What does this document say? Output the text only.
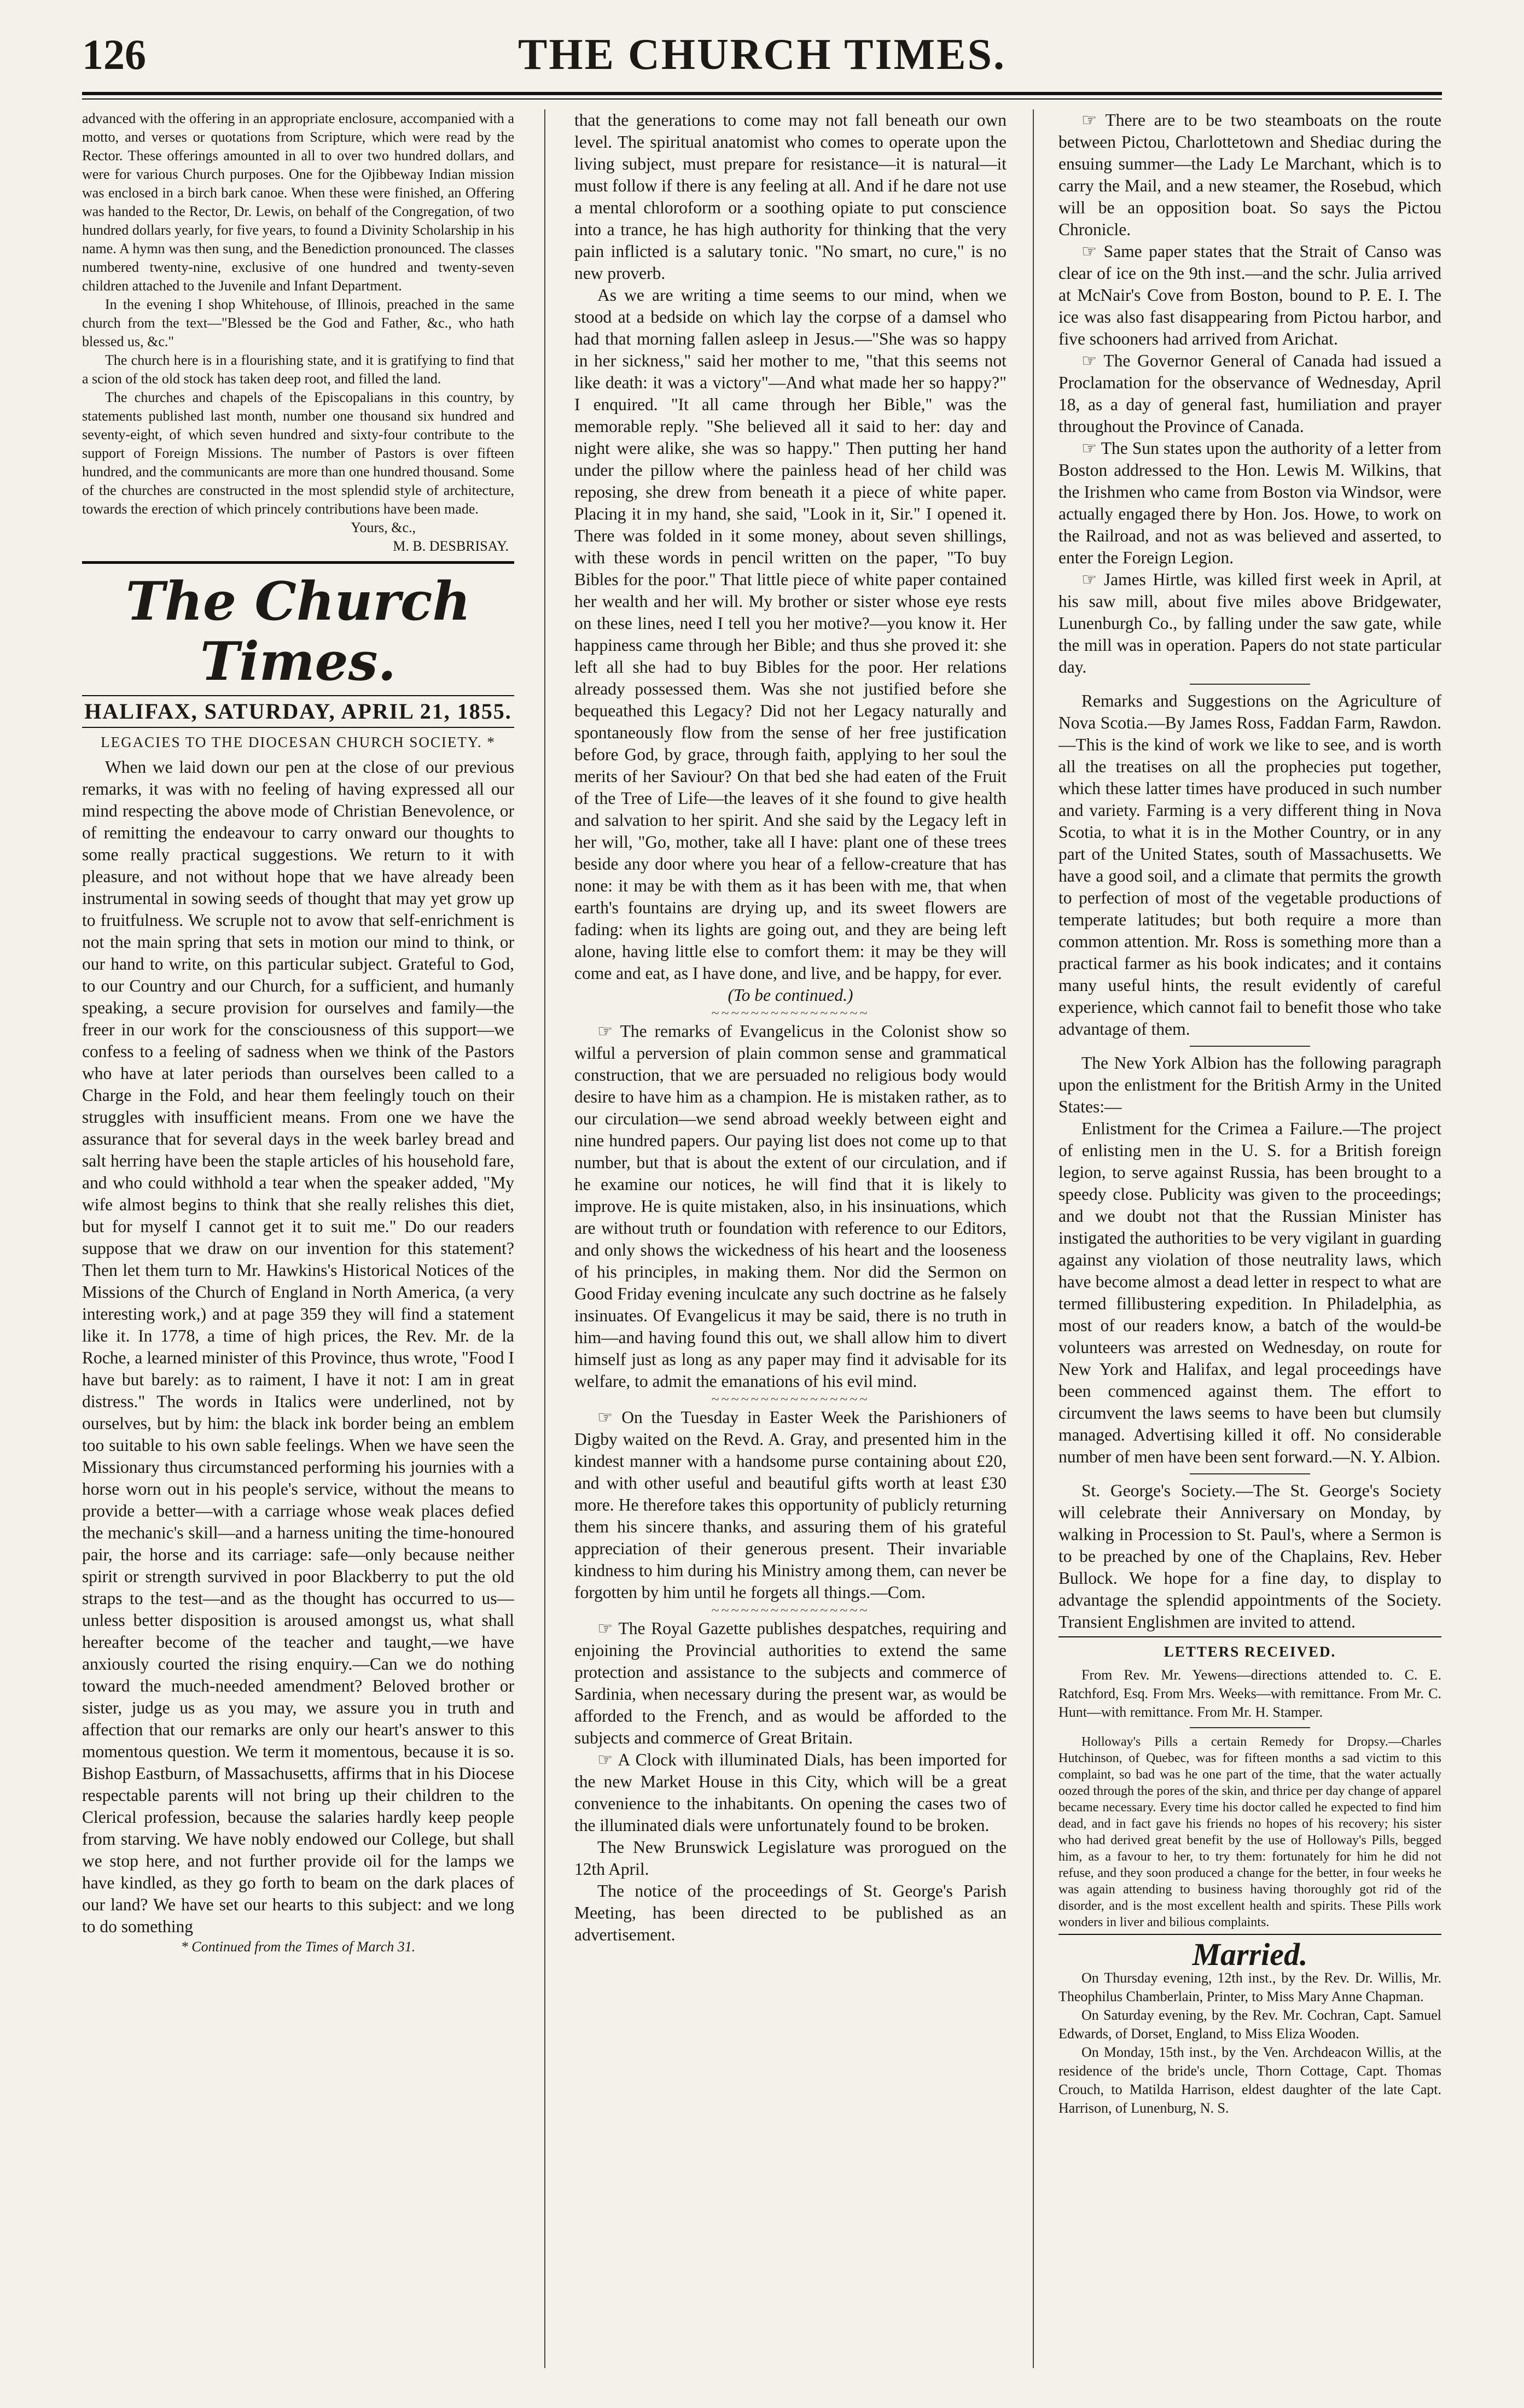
126	THE CHURCH TIMES.

advanced with the offering in an appropriate enclosure, accompanied with a motto, and verses or quotations from Scripture, which were read by the Rector. These offerings amounted in all to over two hundred dollars, and were for various Church purposes. One for the Ojibbeway Indian mission was enclosed in a birch bark canoe. When these were finished, an Offering was handed to the Rector, Dr. Lewis, on behalf of the Congregation, of two hundred dollars yearly, for five years, to found a Divinity Scholarship in his name. A hymn was then sung, and the Benediction pronounced. The classes numbered twenty-nine, exclusive of one hundred and twenty-seven children attached to the Juvenile and Infant Department.

In the evening I shop Whitehouse, of Illinois, preached in the same church from the text—"Blessed be the God and Father, &c., who hath blessed us, &c."

The church here is in a flourishing state, and it is gratifying to find that a scion of the old stock has taken deep root, and filled the land.

The churches and chapels of the Episcopalians in this country, by statements published last month, number one thousand six hundred and seventy-eight, of which seven hundred and sixty-four contribute to the support of Foreign Missions. The number of Pastors is over fifteen hundred, and the communicants are more than one hundred thousand. Some of the churches are constructed in the most splendid style of architecture, towards the erection of which princely contributions have been made.

Yours, &c.,
M. B. DESBRISAY.
The Church Times.
HALIFAX, SATURDAY, APRIL 21, 1855.
LEGACIES TO THE DIOCESAN CHURCH SOCIETY. *

When we laid down our pen at the close of our previous remarks, it was with no feeling of having expressed all our mind respecting the above mode of Christian Benevolence, or of remitting the endeavour to carry onward our thoughts to some really practical suggestions. We return to it with pleasure, and not without hope that we have already been instrumental in sowing seeds of thought that may yet grow up to fruitfulness. We scruple not to avow that self-enrichment is not the main spring that sets in motion our mind to think, or our hand to write, on this particular subject. Grateful to God, to our Country and our Church, for a sufficient, and humanly speaking, a secure provision for ourselves and family—the freer in our work for the consciousness of this support—we confess to a feeling of sadness when we think of the Pastors who have at later periods than ourselves been called to a Charge in the Fold, and hear them feelingly touch on their struggles with insufficient means. From one we have the assurance that for several days in the week barley bread and salt herring have been the staple articles of his household fare, and who could withhold a tear when the speaker added, "My wife almost begins to think that she really relishes this diet, but for myself I cannot get it to suit me." Do our readers suppose that we draw on our invention for this statement? Then let them turn to Mr. Hawkins's Historical Notices of the Missions of the Church of England in North America, (a very interesting work,) and at page 359 they will find a statement like it. In 1778, a time of high prices, the Rev. Mr. de la Roche, a learned minister of this Province, thus wrote, "Food I have but barely: as to raiment, I have it not: I am in great distress." The words in Italics were underlined, not by ourselves, but by him: the black ink border being an emblem too suitable to his own sable feelings. When we have seen the Missionary thus circumstanced performing his journies with a horse worn out in his people's service, without the means to provide a better—with a carriage whose weak places defied the mechanic's skill—and a harness uniting the time-honoured pair, the horse and its carriage: safe—only because neither spirit or strength survived in poor Blackberry to put the old straps to the test—and as the thought has occurred to us—unless better disposition is aroused amongst us, what shall hereafter become of the teacher and taught,—we have anxiously courted the rising enquiry.—Can we do nothing toward the much-needed amendment? Beloved brother or sister, judge us as you may, we assure you in truth and affection that our remarks are only our heart's answer to this momentous question. We term it momentous, because it is so. Bishop Eastburn, of Massachusetts, affirms that in his Diocese respectable parents will not bring up their children to the Clerical profession, because the salaries hardly keep people from starving. We have nobly endowed our College, but shall we stop here, and not further provide oil for the lamps we have kindled, as they go forth to beam on the dark places of our land? We have set our hearts to this subject: and we long to do something

* Continued from the Times of March 31.

that the generations to come may not fall beneath our own level. The spiritual anatomist who comes to operate upon the living subject, must prepare for resistance—it is natural—it must follow if there is any feeling at all. And if he dare not use a mental chloroform or a soothing opiate to put conscience into a trance, he has high authority for thinking that the very pain inflicted is a salutary tonic. "No smart, no cure," is no new proverb.

As we are writing a time seems to our mind, when we stood at a bedside on which lay the corpse of a damsel who had that morning fallen asleep in Jesus.—"She was so happy in her sickness," said her mother to me, "that this seems not like death: it was a victory"—And what made her so happy?" I enquired. "It all came through her Bible," was the memorable reply. "She believed all it said to her: day and night were alike, she was so happy." Then putting her hand under the pillow where the painless head of her child was reposing, she drew from beneath it a piece of white paper. Placing it in my hand, she said, "Look in it, Sir." I opened it. There was folded in it some money, about seven shillings, with these words in pencil written on the paper, "To buy Bibles for the poor." That little piece of white paper contained her wealth and her will. My brother or sister whose eye rests on these lines, need I tell you her motive?—you know it. Her happiness came through her Bible; and thus she proved it: she left all she had to buy Bibles for the poor. Her relations already possessed them. Was she not justified before she bequeathed this Legacy? Did not her Legacy naturally and spontaneously flow from the sense of her free justification before God, by grace, through faith, applying to her soul the merits of her Saviour? On that bed she had eaten of the Fruit of the Tree of Life—the leaves of it she found to give health and salvation to her spirit. And she said by the Legacy left in her will, "Go, mother, take all I have: plant one of these trees beside any door where you hear of a fellow-creature that has none: it may be with them as it has been with me, that when earth's fountains are drying up, and its sweet flowers are fading: when its lights are going out, and they are being left alone, having little else to comfort them: it may be they will come and eat, as I have done, and live, and be happy, for ever.

(To be continued.)
~~~~~~~~~~~~~~~~

☞ The remarks of Evangelicus in the Colonist show so wilful a perversion of plain common sense and grammatical construction, that we are persuaded no religious body would desire to have him as a champion. He is mistaken rather, as to our circulation—we send abroad weekly between eight and nine hundred papers. Our paying list does not come up to that number, but that is about the extent of our circulation, and if he examine our notices, he will find that it is likely to improve. He is quite mistaken, also, in his insinuations, which are without truth or foundation with reference to our Editors, and only shows the wickedness of his heart and the looseness of his principles, in making them. Nor did the Sermon on Good Friday evening inculcate any such doctrine as he falsely insinuates. Of Evangelicus it may be said, there is no truth in him—and having found this out, we shall allow him to divert himself just as long as any paper may find it advisable for its welfare, to admit the emanations of his evil mind.

~~~~~~~~~~~~~~~~

☞ On the Tuesday in Easter Week the Parishioners of Digby waited on the Revd. A. Gray, and presented him in the kindest manner with a handsome purse containing about £20, and with other useful and beautiful gifts worth at least £30 more. He therefore takes this opportunity of publicly returning them his sincere thanks, and assuring them of his grateful appreciation of their generous present. Their invariable kindness to him during his Ministry among them, can never be forgotten by him until he forgets all things.—Com.

~~~~~~~~~~~~~~~~

☞ The Royal Gazette publishes despatches, requiring and enjoining the Provincial authorities to extend the same protection and assistance to the subjects and commerce of Sardinia, when necessary during the present war, as would be afforded to the French, and as would be afforded to the subjects and commerce of Great Britain.

☞ A Clock with illuminated Dials, has been imported for the new Market House in this City, which will be a great convenience to the inhabitants. On opening the cases two of the illuminated dials were unfortunately found to be broken.

The New Brunswick Legislature was prorogued on the 12th April.

The notice of the proceedings of St. George's Parish Meeting, has been directed to be published as an advertisement.

☞ There are to be two steamboats on the route between Pictou, Charlottetown and Shediac during the ensuing summer—the Lady Le Marchant, which is to carry the Mail, and a new steamer, the Rosebud, which will be an opposition boat. So says the Pictou Chronicle.

☞ Same paper states that the Strait of Canso was clear of ice on the 9th inst.—and the schr. Julia arrived at McNair's Cove from Boston, bound to P. E. I. The ice was also fast disappearing from Pictou harbor, and five schooners had arrived from Arichat.

☞ The Governor General of Canada had issued a Proclamation for the observance of Wednesday, April 18, as a day of general fast, humiliation and prayer throughout the Province of Canada.

☞ The Sun states upon the authority of a letter from Boston addressed to the Hon. Lewis M. Wilkins, that the Irishmen who came from Boston via Windsor, were actually engaged there by Hon. Jos. Howe, to work on the Railroad, and not as was believed and asserted, to enter the Foreign Legion.

☞ James Hirtle, was killed first week in April, at his saw mill, about five miles above Bridgewater, Lunenburgh Co., by falling under the saw gate, while the mill was in operation. Papers do not state particular day.

Remarks and Suggestions on the Agriculture of Nova Scotia.—By James Ross, Faddan Farm, Rawdon.—This is the kind of work we like to see, and is worth all the treatises on all the prophecies put together, which these latter times have produced in such number and variety. Farming is a very different thing in Nova Scotia, to what it is in the Mother Country, or in any part of the United States, south of Massachusetts. We have a good soil, and a climate that permits the growth to perfection of most of the vegetable productions of temperate latitudes; but both require a more than common attention. Mr. Ross is something more than a practical farmer as his book indicates; and it contains many useful hints, the result evidently of careful experience, which cannot fail to benefit those who take advantage of them.

The New York Albion has the following paragraph upon the enlistment for the British Army in the United States:—

Enlistment for the Crimea a Failure.—The project of enlisting men in the U. S. for a British foreign legion, to serve against Russia, has been brought to a speedy close. Publicity was given to the proceedings; and we doubt not that the Russian Minister has instigated the authorities to be very vigilant in guarding against any violation of those neutrality laws, which have become almost a dead letter in respect to what are termed fillibustering expedition. In Philadelphia, as most of our readers know, a batch of the would-be volunteers was arrested on Wednesday, on route for New York and Halifax, and legal proceedings have been commenced against them. The effort to circumvent the laws seems to have been but clumsily managed. Advertising killed it off. No considerable number of men have been sent forward.—N. Y. Albion.

St. George's Society.—The St. George's Society will celebrate their Anniversary on Monday, by walking in Procession to St. Paul's, where a Sermon is to be preached by one of the Chaplains, Rev. Heber Bullock. We hope for a fine day, to display to advantage the splendid appointments of the Society. Transient Englishmen are invited to attend.

LETTERS RECEIVED.

From Rev. Mr. Yewens—directions attended to. C. E. Ratchford, Esq. From Mrs. Weeks—with remittance. From Mr. C. Hunt—with remittance. From Mr. H. Stamper.

Holloway's Pills a certain Remedy for Dropsy.—Charles Hutchinson, of Quebec, was for fifteen months a sad victim to this complaint, so bad was he one part of the time, that the water actually oozed through the pores of the skin, and thrice per day change of apparel became necessary. Every time his doctor called he expected to find him dead, and in fact gave his friends no hopes of his recovery; his sister who had derived great benefit by the use of Holloway's Pills, begged him, as a favour to her, to try them: fortunately for him he did not refuse, and they soon produced a change for the better, in four weeks he was again attending to business having thoroughly got rid of the disorder, and is the most excellent health and spirits. These Pills work wonders in liver and bilious complaints.

Married.

On Thursday evening, 12th inst., by the Rev. Dr. Willis, Mr. Theophilus Chamberlain, Printer, to Miss Mary Anne Chapman.

On Saturday evening, by the Rev. Mr. Cochran, Capt. Samuel Edwards, of Dorset, England, to Miss Eliza Wooden.

On Monday, 15th inst., by the Ven. Archdeacon Willis, at the residence of the bride's uncle, Thorn Cottage, Capt. Thomas Crouch, to Matilda Harrison, eldest daughter of the late Capt. Harrison, of Lunenburg, N. S.
